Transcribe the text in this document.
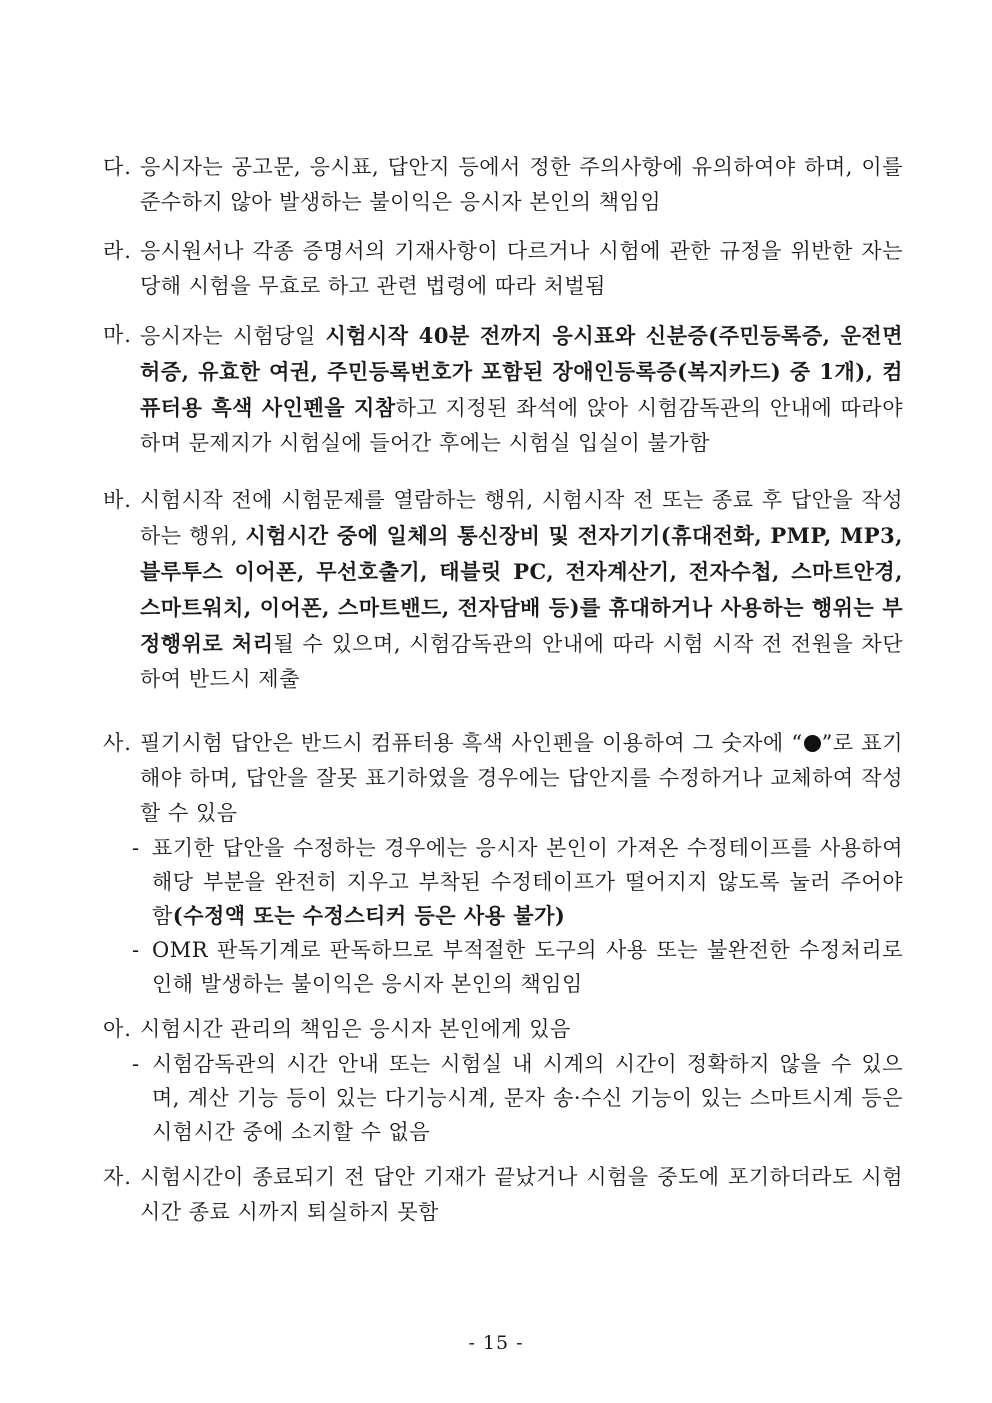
다. 응시자는 공고문, 응시표, 답안지 등에서 정한 주의사항에 유의하여야 하며, 이를 준수하지 않아 발생하는 불이익은 응시자 본인의 책임임
라. 응시원서나 각종 증명서의 기재사항이 다르거나 시험에 관한 규정을 위반한 자는 당해 시험을 무효로 하고 관련 법령에 따라 처벌됨
마. 응시자는 시험당일 시험시작 40분 전까지 응시표와 신분증(주민등록증, 운전면허증, 유효한 여권, 주민등록번호가 포함된 장애인등록증(복지카드) 중 1개), 컴퓨터용 흑색 사인펜을 지참하고 지정된 좌석에 앉아 시험감독관의 안내에 따라야 하며 문제지가 시험실에 들어간 후에는 시험실 입실이 불가함
바. 시험시작 전에 시험문제를 열람하는 행위, 시험시작 전 또는 종료 후 답안을 작성하는 행위, 시험시간 중에 일체의 통신장비 및 전자기기(휴대전화, PMP, MP3, 블루투스 이어폰, 무선호출기, 태블릿 PC, 전자계산기, 전자수첩, 스마트안경, 스마트워치, 이어폰, 스마트밴드, 전자담배 등)를 휴대하거나 사용하는 행위는 부정행위로 처리될 수 있으며, 시험감독관의 안내에 따라 시험 시작 전 전원을 차단하여 반드시 제출
사. 필기시험 답안은 반드시 컴퓨터용 흑색 사인펜을 이용하여 그 숫자에 “ ”로 표기해야 하며, 답안을 잘못 표기하였을 경우에는 답안지를 수정하거나 교체하여 작성할 수 있음
- 표기한 답안을 수정하는 경우에는 응시자 본인이 가져온 수정테이프를 사용하여 해당 부분을 완전히 지우고 부착된 수정테이프가 떨어지지 않도록 눌러 주어야 함(수정액 또는 수정스티커 등은 사용 불가)
- OMR 판독기계로 판독하므로 부적절한 도구의 사용 또는 불완전한 수정처리로 인해 발생하는 불이익은 응시자 본인의 책임임
아. 시험시간 관리의 책임은 응시자 본인에게 있음
- 시험감독관의 시간 안내 또는 시험실 내 시계의 시간이 정확하지 않을 수 있으며, 계산 기능 등이 있는 다기능시계, 문자 송·수신 기능이 있는 스마트시계 등은 시험시간 중에 소지할 수 없음
자. 시험시간이 종료되기 전 답안 기재가 끝났거나 시험을 중도에 포기하더라도 시험시간 종료 시까지 퇴실하지 못함
- 15 -
